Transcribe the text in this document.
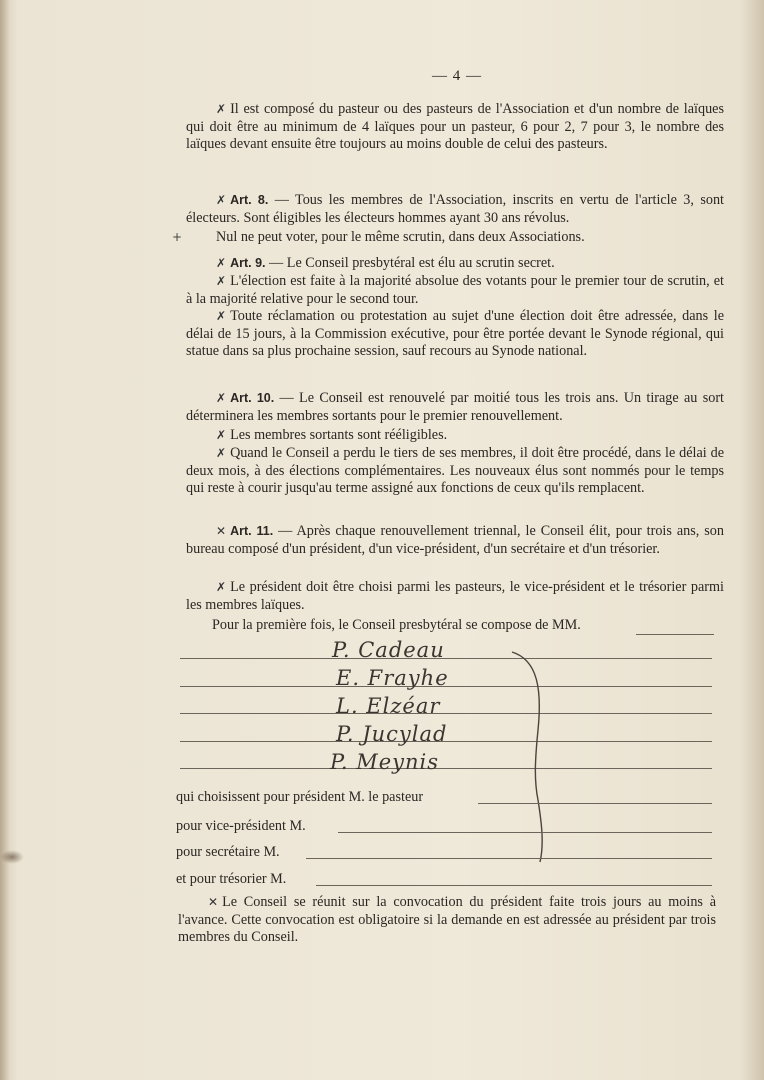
— 4 —
✗ Il est composé du pasteur ou des pasteurs de l'Association et d'un nombre de laïques qui doit être au minimum de 4 laïques pour un pasteur, 6 pour 2, 7 pour 3, le nombre des laïques devant ensuite être toujours au moins double de celui des pasteurs.
✗ Art. 8. — Tous les membres de l'Association, inscrits en vertu de l'article 3, sont électeurs. Sont éligibles les électeurs hommes ayant 30 ans révolus.
+	Nul ne peut voter, pour le même scrutin, dans deux Associations.
✗ Art. 9. — Le Conseil presbytéral est élu au scrutin secret.
✗ L'élection est faite à la majorité absolue des votants pour le premier tour de scrutin, et à la majorité relative pour le second tour.
✗ Toute réclamation ou protestation au sujet d'une élection doit être adressée, dans le délai de 15 jours, à la Commission exécutive, pour être portée devant le Synode régional, qui statue dans sa plus prochaine session, sauf recours au Synode national.
✗ Art. 10. — Le Conseil est renouvelé par moitié tous les trois ans. Un tirage au sort déterminera les membres sortants pour le premier renouvellement.
✗ Les membres sortants sont rééligibles.
✗ Quand le Conseil a perdu le tiers de ses membres, il doit être procédé, dans le délai de deux mois, à des élections complémentaires. Les nouveaux élus sont nommés pour le temps qui reste à courir jusqu'au terme assigné aux fonctions de ceux qu'ils remplacent.
✕ Art. 11. — Après chaque renouvellement triennal, le Conseil élit, pour trois ans, son bureau composé d'un président, d'un vice-président, d'un secrétaire et d'un trésorier.
✗ Le président doit être choisi parmi les pasteurs, le vice-président et le trésorier parmi les membres laïques.
Pour la première fois, le Conseil presbytéral se compose de MM.
P. Cadeau
E. Frayhe
L. Elzéar
P. Jucylad
P. Meynis
qui choisissent pour président M. le pasteur
pour vice-président M.
pour secrétaire M.
et pour trésorier M.
✕ Le Conseil se réunit sur la convocation du président faite trois jours au moins à l'avance. Cette convocation est obligatoire si la demande en est adressée au président par trois membres du Conseil.
